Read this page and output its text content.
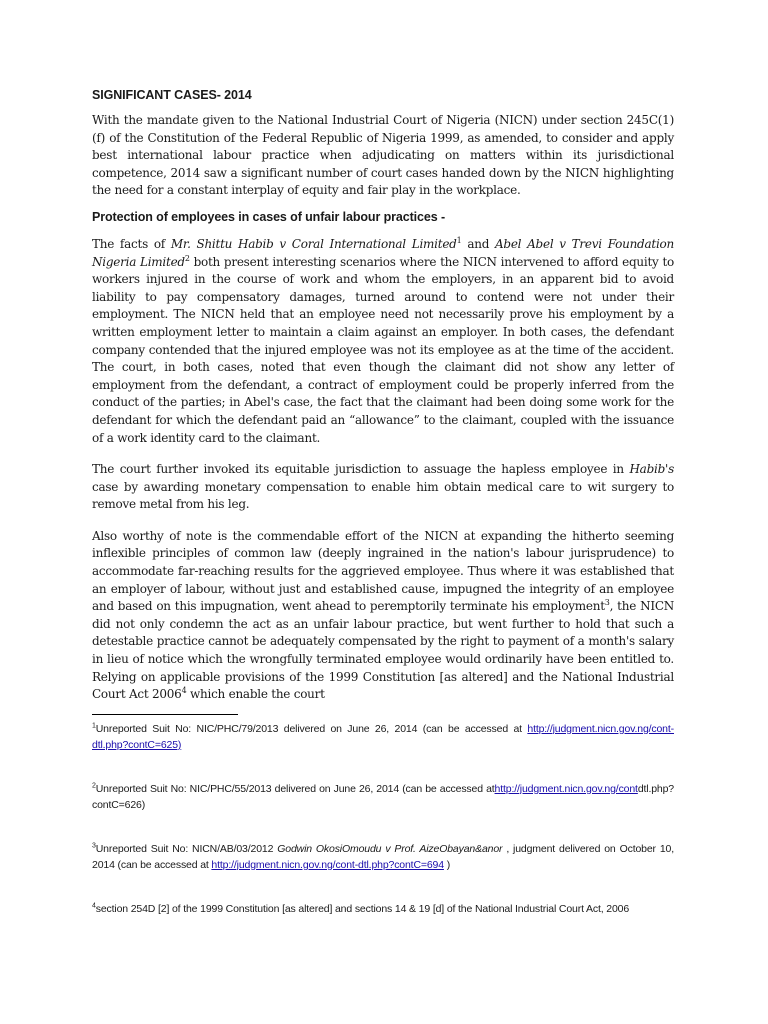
SIGNIFICANT CASES- 2014

With the mandate given to the National Industrial Court of Nigeria (NICN) under section 245C(1)(f) of the Constitution of the Federal Republic of Nigeria 1999, as amended, to consider and apply best international labour practice when adjudicating on matters within its jurisdictional competence, 2014 saw a significant number of court cases handed down by the NICN highlighting the need for a constant interplay of equity and fair play in the workplace.

Protection of employees in cases of unfair labour practices -

The facts of Mr. Shittu Habib v Coral International Limited$^1$ and Abel Abel v Trevi Foundation Nigeria Limited$^2$ both present interesting scenarios where the NICN intervened to afford equity to workers injured in the course of work and whom the employers, in an apparent bid to avoid liability to pay compensatory damages, turned around to contend were not under their employment. The NICN held that an employee need not necessarily prove his employment by a written employment letter to maintain a claim against an employer. In both cases, the defendant company contended that the injured employee was not its employee as at the time of the accident. The court, in both cases, noted that even though the claimant did not show any letter of employment from the defendant, a contract of employment could be properly inferred from the conduct of the parties; in Abel's case, the fact that the claimant had been doing some work for the defendant for which the defendant paid an “allowance” to the claimant, coupled with the issuance of a work identity card to the claimant.

The court further invoked its equitable jurisdiction to assuage the hapless employee in Habib's case by awarding monetary compensation to enable him obtain medical care to wit surgery to remove metal from his leg.

Also worthy of note is the commendable effort of the NICN at expanding the hitherto seeming inflexible principles of common law (deeply ingrained in the nation's labour jurisprudence) to accommodate far-reaching results for the aggrieved employee. Thus where it was established that an employer of labour, without just and established cause, impugned the integrity of an employee and based on this impugnation, went ahead to peremptorily terminate his employment$^3$, the NICN did not only condemn the act as an unfair labour practice, but went further to hold that such a detestable practice cannot be adequately compensated by the right to payment of a month's salary in lieu of notice which the wrongfully terminated employee would ordinarily have been entitled to. Relying on applicable provisions of the 1999 Constitution [as altered] and the National Industrial Court Act 2006$^4$ which enable the court

$^1$Unreported Suit No: NIC/PHC/79/2013 delivered on June 26, 2014 (can be accessed at http://judgment.nicn.gov.ng/cont-dtl.php?contC=625)

$^2$Unreported Suit No: NIC/PHC/55/2013 delivered on June 26, 2014 (can be accessed athttp://judgment.nicn.gov.ng/contdtl.php?contC=626)

$^3$Unreported Suit No: NICN/AB/03/2012 Godwin OkosiOmoudu v Prof. AizeObayan&anor , judgment delivered on October 10, 2014 (can be accessed at http://judgment.nicn.gov.ng/cont-dtl.php?contC=694 )

$^4$section 254D [2] of the 1999 Constitution [as altered] and sections 14 & 19 [d] of the National Industrial Court Act, 2006
